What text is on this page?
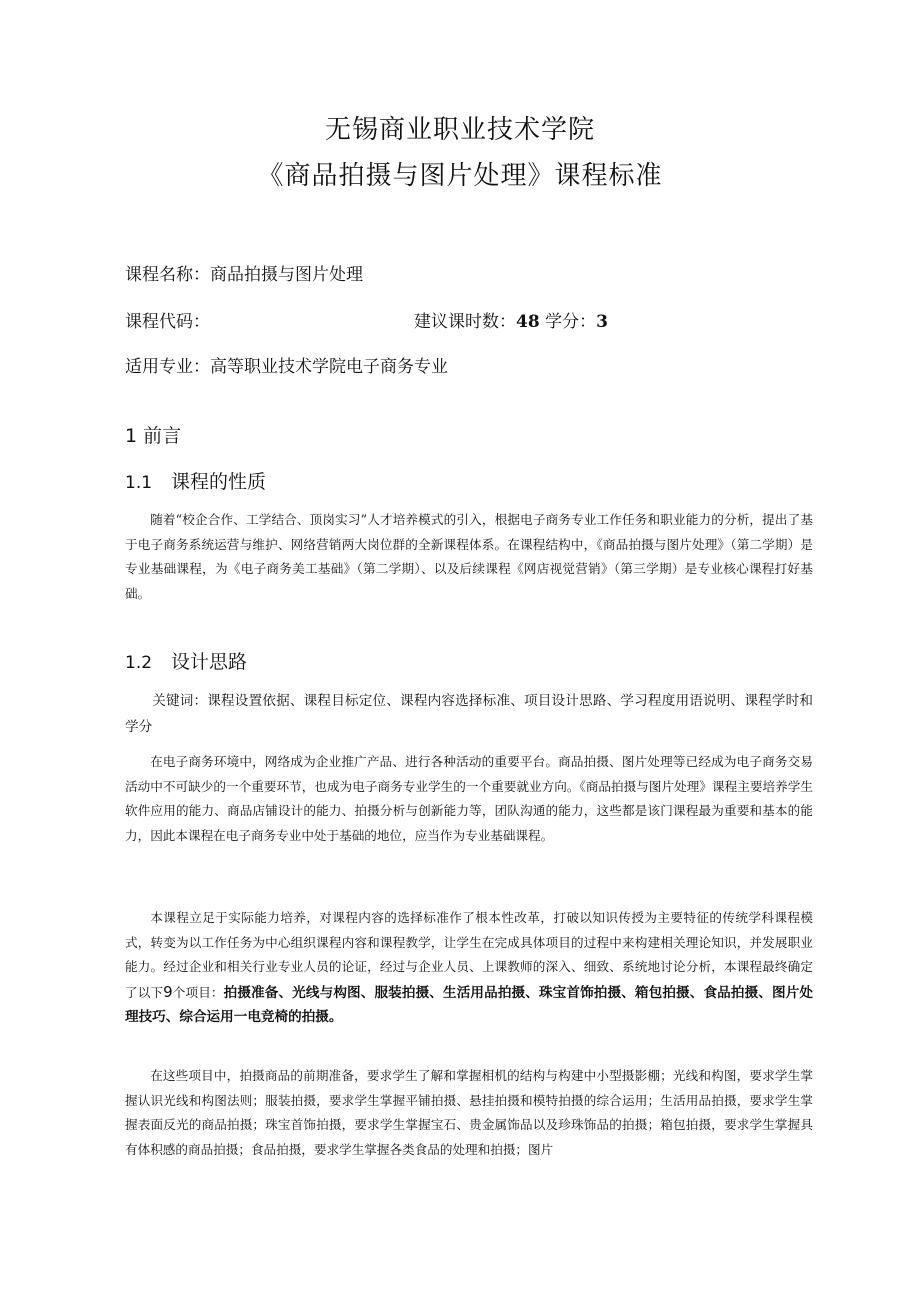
无锡商业职业技术学院
《商品拍摄与图片处理》课程标准
课程名称：商品拍摄与图片处理
课程代码：	建议课时数：48 学分：3
适用专业：高等职业技术学院电子商务专业
1 前言
1.1 课程的性质

随着“校企合作、工学结合、顶岗实习”人才培养模式的引入，根据电子商务专业工作任务和职业能力的分析，提出了基于电子商务系统运营与维护、网络营销两大岗位群的全新课程体系。在课程结构中，《商品拍摄与图片处理》（第二学期）是专业基础课程，为《电子商务美工基础》（第二学期）、以及后续课程《网店视觉营销》（第三学期）是专业核心课程打好基础。

1.2 设计思路

关键词：课程设置依据、课程目标定位、课程内容选择标准、项目设计思路、学习程度用语说明、课程学时和学分

在电子商务环境中，网络成为企业推广产品、进行各种活动的重要平台。商品拍摄、图片处理等已经成为电子商务交易活动中不可缺少的一个重要环节，也成为电子商务专业学生的一个重要就业方向。《商品拍摄与图片处理》课程主要培养学生软件应用的能力、商品店铺设计的能力、拍摄分析与创新能力等，团队沟通的能力，这些都是该门课程最为重要和基本的能力，因此本课程在电子商务专业中处于基础的地位，应当作为专业基础课程。

本课程立足于实际能力培养，对课程内容的选择标准作了根本性改革，打破以知识传授为主要特征的传统学科课程模式，转变为以工作任务为中心组织课程内容和课程教学，让学生在完成具体项目的过程中来构建相关理论知识，并发展职业能力。经过企业和相关行业专业人员的论证，经过与企业人员、上课教师的深入、细致、系统地讨论分析，本课程最终确定了以下9个项目：拍摄准备、光线与构图、服装拍摄、生活用品拍摄、珠宝首饰拍摄、箱包拍摄、食品拍摄、图片处理技巧、综合运用一电竞椅的拍摄。

在这些项目中，拍摄商品的前期准备，要求学生了解和掌握相机的结构与构建中小型摄影棚；光线和构图，要求学生掌握认识光线和构图法则；服装拍摄，要求学生掌握平铺拍摄、悬挂拍摄和模特拍摄的综合运用；生活用品拍摄，要求学生掌握表面反光的商品拍摄；珠宝首饰拍摄，要求学生掌握宝石、贵金属饰品以及珍珠饰品的拍摄；箱包拍摄，要求学生掌握具有体积感的商品拍摄；食品拍摄，要求学生掌握各类食品的处理和拍摄；图片
